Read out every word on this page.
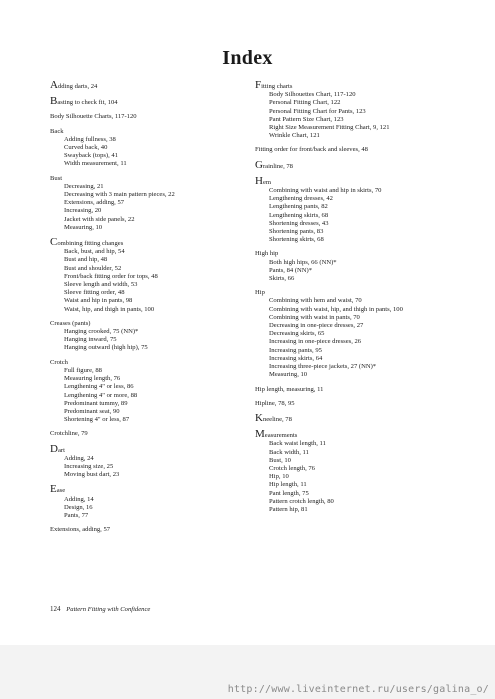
Index
Adding darts, 24
Basting to check fit, 104
Body Silhouette Charts, 117-120
Back
Adding fullness, 38
Curved back, 40
Swayback (tops), 41
Width measurement, 11
Bust
Decreasing, 21
Decreasing with 3 main pattern pieces, 22
Extensions, adding, 57
Increasing, 20
Jacket with side panels, 22
Measuring, 10
Combining fitting changes
Back, bust, and hip, 54
Bust and hip, 48
Bust and shoulder, 52
Front/back fitting order for tops, 48
Sleeve length and width, 53
Sleeve fitting order, 48
Waist and hip in pants, 98
Waist, hip, and thigh in pants, 100
Creases (pants)
Hanging crooked, 75 (NN)*
Hanging inward, 75
Hanging outward (high hip), 75
Crotch
Full figure, 88
Measuring length, 76
Lengthening 4" or less, 86
Lengthening 4" or more, 88
Predominant tummy, 89
Predominant seat, 90
Shortening 4" or less, 87
Crotchline, 79
Dart
Adding, 24
Increasing size, 25
Moving bust dart, 23
Ease
Adding, 14
Design, 16
Pants, 77
Extensions, adding, 57
Fitting charts
Body Silhouettes Chart, 117-120
Personal Fitting Chart, 122
Personal Fitting Chart for Pants, 123
Pant Pattern Size Chart, 123
Right Size Measurement Fitting Chart, 9, 121
Wrinkle Chart, 121
Fitting order for front/back and sleeves, 48
Grainline, 78
Hem
Combining with waist and hip in skirts, 70
Lengthening dresses, 42
Lengthening pants, 82
Lengthening skirts, 68
Shortening dresses, 43
Shortening pants, 83
Shortening skirts, 68
High hip
Both high hips, 66 (NN)*
Pants, 84 (NN)*
Skirts, 66
Hip
Combining with hem and waist, 70
Combining with waist, hip, and thigh in pants, 100
Combining with waist in pants, 70
Decreasing in one-piece dresses, 27
Decreasing skirts, 65
Increasing in one-piece dresses, 26
Increasing pants, 95
Increasing skirts, 64
Increasing three-piece jackets, 27 (NN)*
Measuring, 10
Hip length, measuring, 11
Hipline, 78, 95
Kneeline, 78
Measurements
Back waist length, 11
Back width, 11
Bust, 10
Crotch length, 76
Hip, 10
Hip length, 11
Pant length, 75
Pattern crotch length, 80
Pattern hip, 81
124 Pattern Fitting with Confidence
http://www.liveinternet.ru/users/galina_o/
